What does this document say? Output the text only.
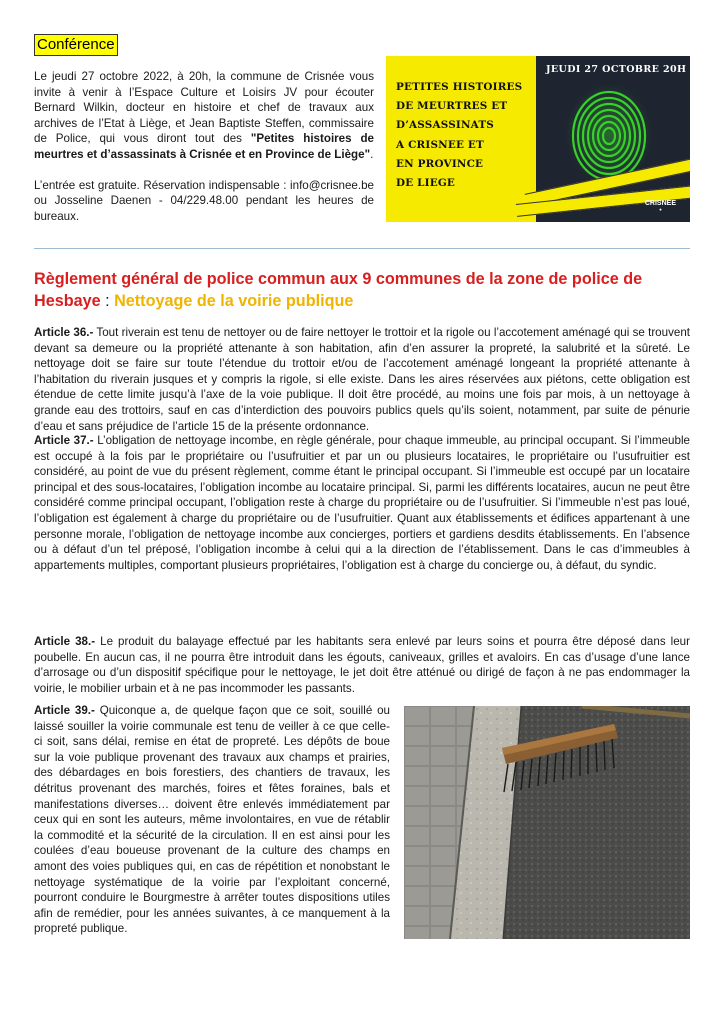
Conférence

Le jeudi 27 octobre 2022, à 20h, la commune de Crisnée vous invite à venir à l’Espace Culture et Loisirs JV pour écouter Bernard Wilkin, docteur en histoire et chef de travaux aux archives de l’Etat à Liège, et Jean Baptiste Steffen, commissaire de Police, qui vous diront tout des "Petites histoires de meurtres et d’assassinats à Crisnée et en Province de Liège".

L’entrée est gratuite. Réservation indispensable : info@crisnee.be ou Josseline Daenen - 04/229.48.00 pendant les heures de bureaux.

PETITES HISTOIRES
DE MEURTRES ET
D’ASSASSINATS
A CRISNEE ET
EN PROVINCE
DE LIEGE
JEUDI 27 OCTOBRE 20H
CRISNEE
●
Règlement général de police commun aux 9 communes de la zone de police de Hesbaye : Nettoyage de la voirie publique

Article 36.- Tout riverain est tenu de nettoyer ou de faire nettoyer le trottoir et la rigole ou l’accotement aménagé qui se trouvent devant sa demeure ou la propriété attenante à son habitation, afin d’en assurer la propreté, la salubrité et la sûreté. Le nettoyage doit se faire sur toute l’étendue du trottoir et/ou de l’accotement aménagé longeant la propriété attenante à l’habitation du riverain jusques et y compris la rigole, si elle existe. Dans les aires réservées aux piétons, cette obligation est étendue de cette limite jusqu’à l’axe de la voie publique. Il doit être procédé, au moins une fois par mois, à un nettoyage à grande eau des trottoirs, sauf en cas d’interdiction des pouvoirs publics quels qu’ils soient, notamment, par suite de pénurie d’eau et sans préjudice de l’article 15 de la présente ordonnance.

Article 37.- L’obligation de nettoyage incombe, en règle générale, pour chaque immeuble, au principal occupant. Si l’immeuble est occupé à la fois par le propriétaire ou l’usufruitier et par un ou plusieurs locataires, le propriétaire ou l’usufruitier est considéré, au point de vue du présent règlement, comme étant le principal occupant. Si l’immeuble est occupé par un locataire principal et des sous-locataires, l’obligation incombe au locataire principal. Si, parmi les différents locataires, aucun ne peut être considéré comme principal occupant, l’obligation reste à charge du propriétaire ou de l’usufruitier. Si l’immeuble n’est pas loué, l’obligation est également à charge du propriétaire ou de l’usufruitier. Quant aux établissements et édifices appartenant à une personne morale, l’obligation de nettoyage incombe aux concierges, portiers et gardiens desdits établissements. En l’absence ou à défaut d’un tel préposé, l’obligation incombe à celui qui a la direction de l’établissement. Dans le cas d’immeubles à appartements multiples, comportant plusieurs propriétaires, l’obligation est à charge du concierge ou, à défaut, du syndic.

Article 38.- Le produit du balayage effectué par les habitants sera enlevé par leurs soins et pourra être déposé dans leur poubelle. En aucun cas, il ne pourra être introduit dans les égouts, caniveaux, grilles et avaloirs. En cas d’usage d’une lance d’arrosage ou d’un dispositif spécifique pour le nettoyage, le jet doit être atténué ou dirigé de façon à ne pas endommager la voirie, le mobilier urbain et à ne pas incommoder les passants.

Article 39.- Quiconque a, de quelque façon que ce soit, souillé ou laissé souiller la voirie communale est tenu de veiller à ce que celle-ci soit, sans délai, remise en état de propreté. Les dépôts de boue sur la voie publique provenant des travaux aux champs et prairies, des débardages en bois forestiers, des chantiers de travaux, les détritus provenant des marchés, foires et fêtes foraines, bals et manifestations diverses… doivent être enlevés immédiatement par ceux qui en sont les auteurs, même involontaires, en vue de rétablir la commodité et la sécurité de la circulation. Il en est ainsi pour les coulées d’eau boueuse provenant de la culture des champs en amont des voies publiques qui, en cas de répétition et nonobstant le nettoyage systématique de la voirie par l’exploitant concerné, pourront conduire le Bourgmestre à arrêter toutes dispositions utiles afin de remédier, pour les années suivantes, à ce manquement à la propreté publique.
